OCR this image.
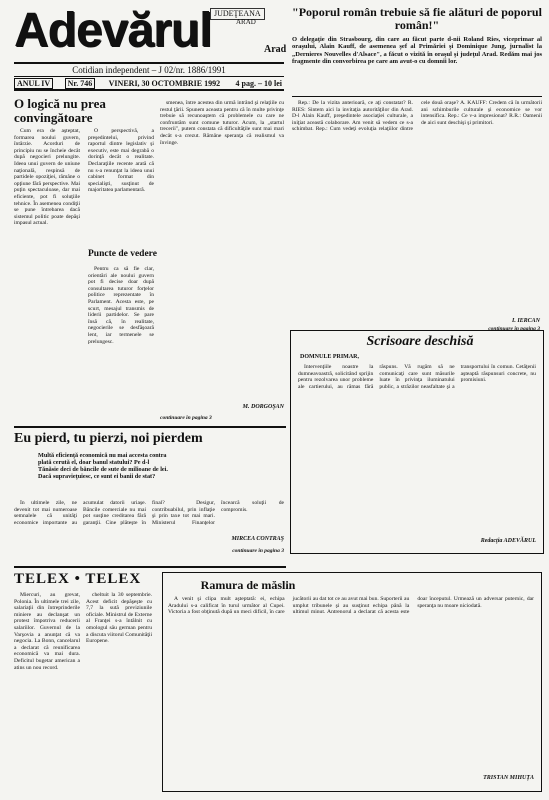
Adevărul	Arad
JUDEŢEANA
ARAD
Cotidian independent – J 02/nr. 1886/1991
ANUL IV	Nr. 746	VINERI, 30 OCTOMBRIE 1992 4 pag. – 10 lei
"Poporul român trebuie să fie alături de poporul român!"
O delegaţie din Strasbourg, din care au făcut parte d-nii Roland Ries, viceprimar al oraşului, Alain Kauff, de asemenea şef al Primăriei şi Dominique Jung, jurnalist la „Dernieres Nouvelles d'Alsace", a făcut o vizită în oraşul şi judeţul Arad. Redăm mai jos fragmente din convorbirea pe care am avut-o cu domnii lor.
O logică nu prea convingătoare

Cum era de aşteptat, formarea noului guvern, întârzie. Acorduri de principiu nu se încheie decât după negocieri prelungite. Ideea unui guvern de uniune naţională, respinsă de partidele opoziţiei, rămâne o opţiune fără perspective. Mai puţin spectaculoase, dar mai eficiente, pot fi soluţiile tehnice. În asemenea condiţii se pune întrebarea dacă sistemul politic poate depăşi impasul actual.

O perspectivă, a preşedintelui, privind raportul dintre legislativ şi executiv, este mai degrabă o dorinţă decât o realitate. Declaraţiile recente arată că nu s-a renunţat la ideea unui cabinet format din specialişti, susţinut de majoritatea parlamentară.

Puncte de vedere

Pentru ca să fie clar, orientări ale noului guvern pot fi decise doar după consultarea tuturor forţelor politice reprezentate în Parlament. Acesta este, pe scurt, mesajul transmis de liderii partidelor. Se pare însă că, în realitate, negocierile se desfăşoară lent, iar termenele se prelungesc.

smenea, între acestea din urmă intrând şi relaţiile cu restul ţării. Spunem aceasta pentru că în multe privinţe trebuie să recunoaştem că problemele cu care ne confruntăm sunt comune tuturor. Acum, la „startul trecerii", putem constata că dificultăţile sunt mai mari decât s-a crezut. Rămâne speranţa că realismul va învinge.

M. DORGOŞAN
continuare în pagina 3

Rep.: De la vizita anterioară, ce aţi constatat? R. RIES: Sintem aici la invitaţia autorităţilor din Arad. D-l Alain Kauff, preşedintele asociaţiei culturale, a iniţiat această colaborare. Am venit să vedem ce s-a schimbat. Rep.: Cum vedeţi evoluţia relaţiilor dintre cele două oraşe? A. KAUFF: Credem că în următorii ani schimburile culturale şi economice se vor intensifica. Rep.: Ce v-a impresionat? R.R.: Oamenii de aici sunt deschişi şi primitori.

I. IERCAN
continuare în pagina 3
Eu pierd, tu pierzi, noi pierdem
Multă eficienţă economică nu mai accesta contra plată cerută el, doar banul statului? Pe d-l Tănăsie deci de băncile de sute de milioane de lei. Dacă supravieţuiesc, ce sunt ei banii de stat?

În ultimele zile, ne devenit tot mai numeroase semnalele că unităţi economice importante au acumulat datorii uriaşe. Băncile comerciale nu mai pot susţine creditarea fără garanţii. Cine plăteşte în final? Desigur, contribuabilul, prin inflaţie şi prin taxe tot mai mari. Ministerul Finanţelor încearcă soluţii de compromis.

MIRCEA CONTRAŞ
continuare în pagina 3
Scrisoare deschisă
DOMNULE PRIMAR,

Intervenţiile noastre la dumneavoastră, solicitând sprijin pentru rezolvarea unor probleme ale cartierului, au rămas fără răspuns. Vă rugăm să ne comunicaţi care sunt măsurile luate în privinţa iluminatului public, a străzilor neasfaltate şi a transportului în comun. Cetăţenii aşteaptă răspunsuri concrete, nu promisiuni.

Redacţia ADEVĂRUL
TELEX • TELEX

Miercuri, au grevat, Polonia. În ultimele trei zile, salariaţii din întreprinderile miniere au declanşat un protest împotriva reducerii salariilor. Guvernul de la Varşovia a anunţat că va negocia. La Bonn, cancelarul a declarat că reunificarea economică va mai dura. Deficitul bugetar american a atins un nou record.

cheltuit la 30 septembrie. Acest deficit depăşeşte cu 7,7 la sută previziunile oficiale. Ministrul de Externe al Franţei s-a întâlnit cu omologul său german pentru a discuta viitorul Comunităţii Europene.

Ramura de măslin

A venit şi clipa mult aşteptată: ei, echipa Aradului s-a calificat în turul următor al Cupei. Victoria a fost obţinută după un meci dificil, în care jucătorii au dat tot ce au avut mai bun. Suporterii au umplut tribunele şi au susţinut echipa până la ultimul minut. Antrenorul a declarat că acesta este doar începutul. Urmează un adversar puternic, dar speranţa nu moare niciodată.

TRISTAN MIHUŢA
